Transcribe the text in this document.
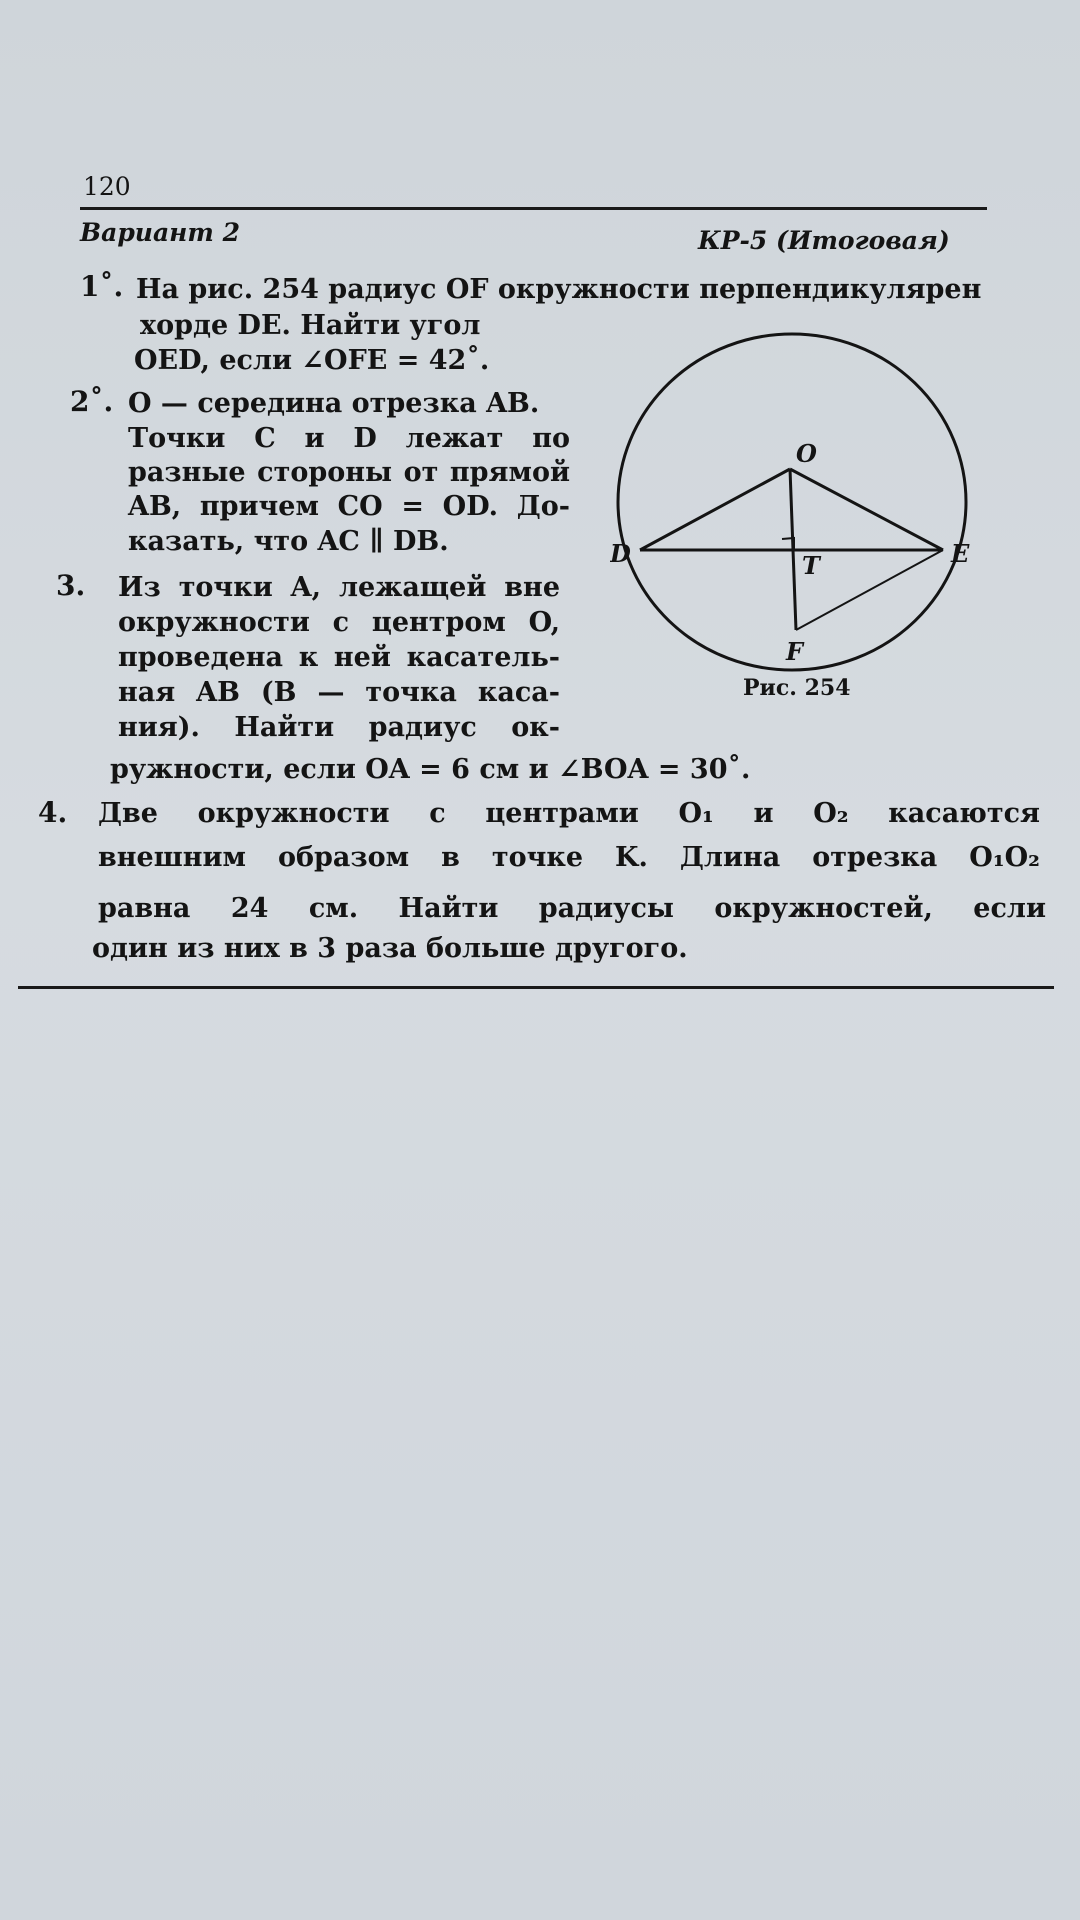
120
Вариант 2	КР-5 (Итоговая)
1˚. На рис. 254 радиус OF окружности перпендикулярен
хорде DE. Найти угол
OED, если ∠OFE = 42˚.
2˚. O — середина отрезка AB.
Точки C и D лежат по
разные стороны от прямой
AB, причем CO = OD. До-
казать, что AC ∥ DB.
3. Из точки A, лежащей вне
окружности с центром O,
проведена к ней касатель-
ная AB (B — точка каса-
ния). Найти радиус ок-
ружности, если OA = 6 см и ∠BOA = 30˚.
4. Две окружности с центрами O₁ и O₂ касаются
внешним образом в точке K. Длина отрезка O₁O₂
равна 24 см. Найти радиусы окружностей, если
один из них в 3 раза больше другого.
O
D	E
T
F
Рис. 254
